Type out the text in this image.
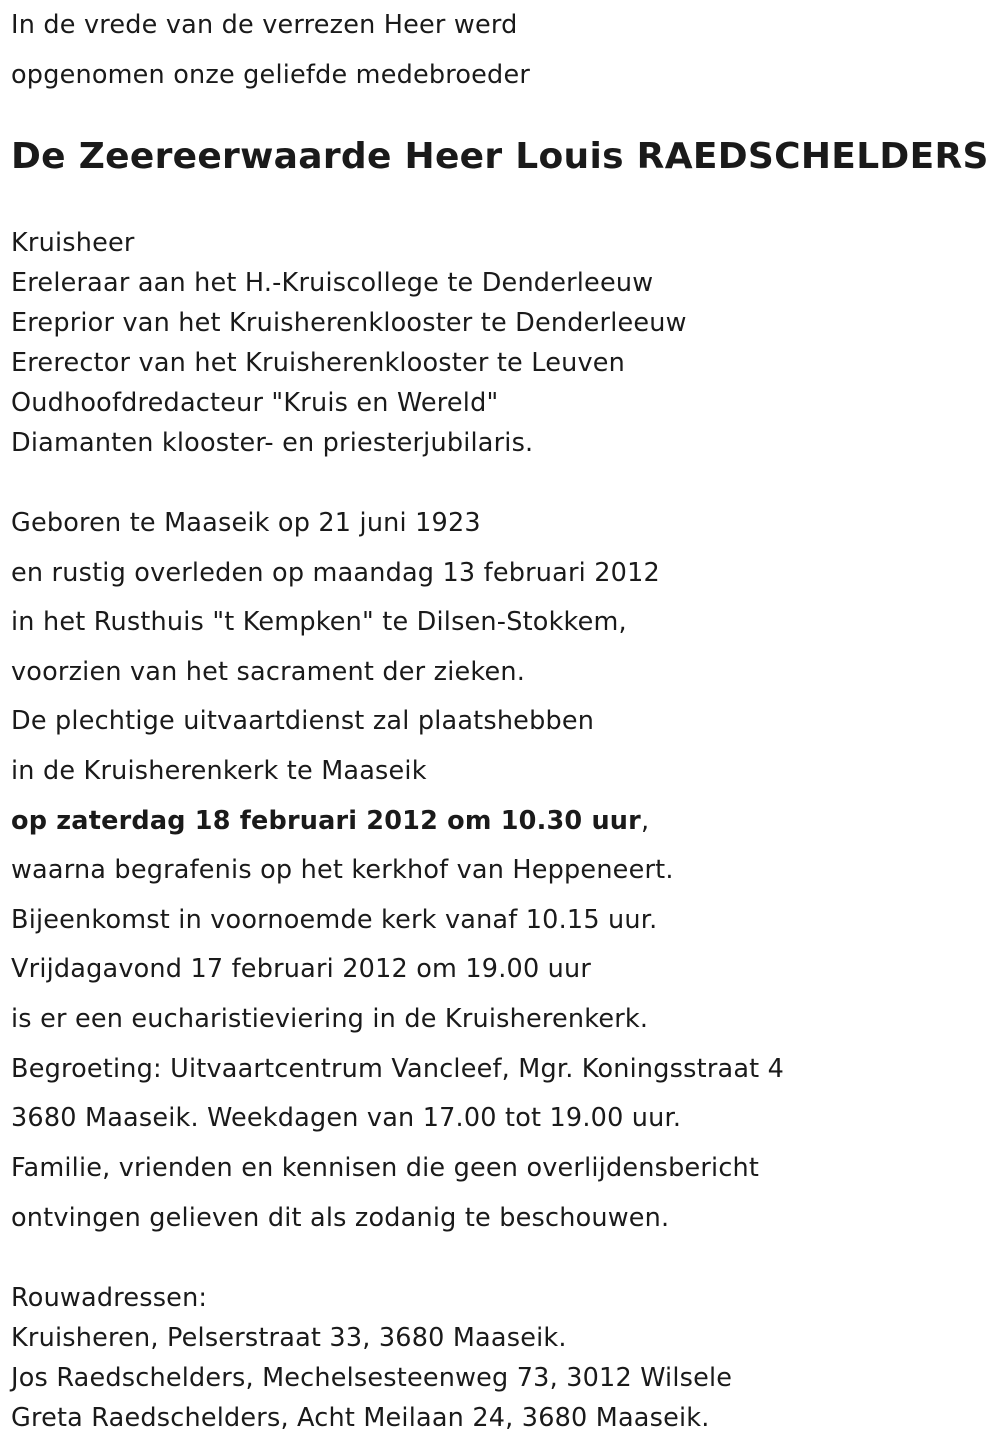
In de vrede van de verrezen Heer werd
opgenomen onze geliefde medebroeder
De Zeereerwaarde Heer Louis RAEDSCHELDERS
Kruisheer
Ereleraar aan het H.-Kruiscollege te Denderleeuw
Ereprior van het Kruisherenklooster te Denderleeuw
Ererector van het Kruisherenklooster te Leuven
Oudhoofdredacteur "Kruis en Wereld"
Diamanten klooster- en priesterjubilaris.
Geboren te Maaseik op 21 juni 1923
en rustig overleden op maandag 13 februari 2012
in het Rusthuis "t Kempken" te Dilsen-Stokkem,
voorzien van het sacrament der zieken.
De plechtige uitvaartdienst zal plaatshebben
in de Kruisherenkerk te Maaseik
op zaterdag 18 februari 2012 om 10.30 uur,
waarna begrafenis op het kerkhof van Heppeneert.
Bijeenkomst in voornoemde kerk vanaf 10.15 uur.
Vrijdagavond 17 februari 2012 om 19.00 uur
is er een eucharistieviering in de Kruisherenkerk.
Begroeting: Uitvaartcentrum Vancleef, Mgr. Koningsstraat 4
3680 Maaseik. Weekdagen van 17.00 tot 19.00 uur.
Familie, vrienden en kennisen die geen overlijdensbericht
ontvingen gelieven dit als zodanig te beschouwen.
Rouwadressen:
Kruisheren, Pelserstraat 33, 3680 Maaseik.
Jos Raedschelders, Mechelsesteenweg 73, 3012 Wilsele
Greta Raedschelders, Acht Meilaan 24, 3680 Maaseik.
